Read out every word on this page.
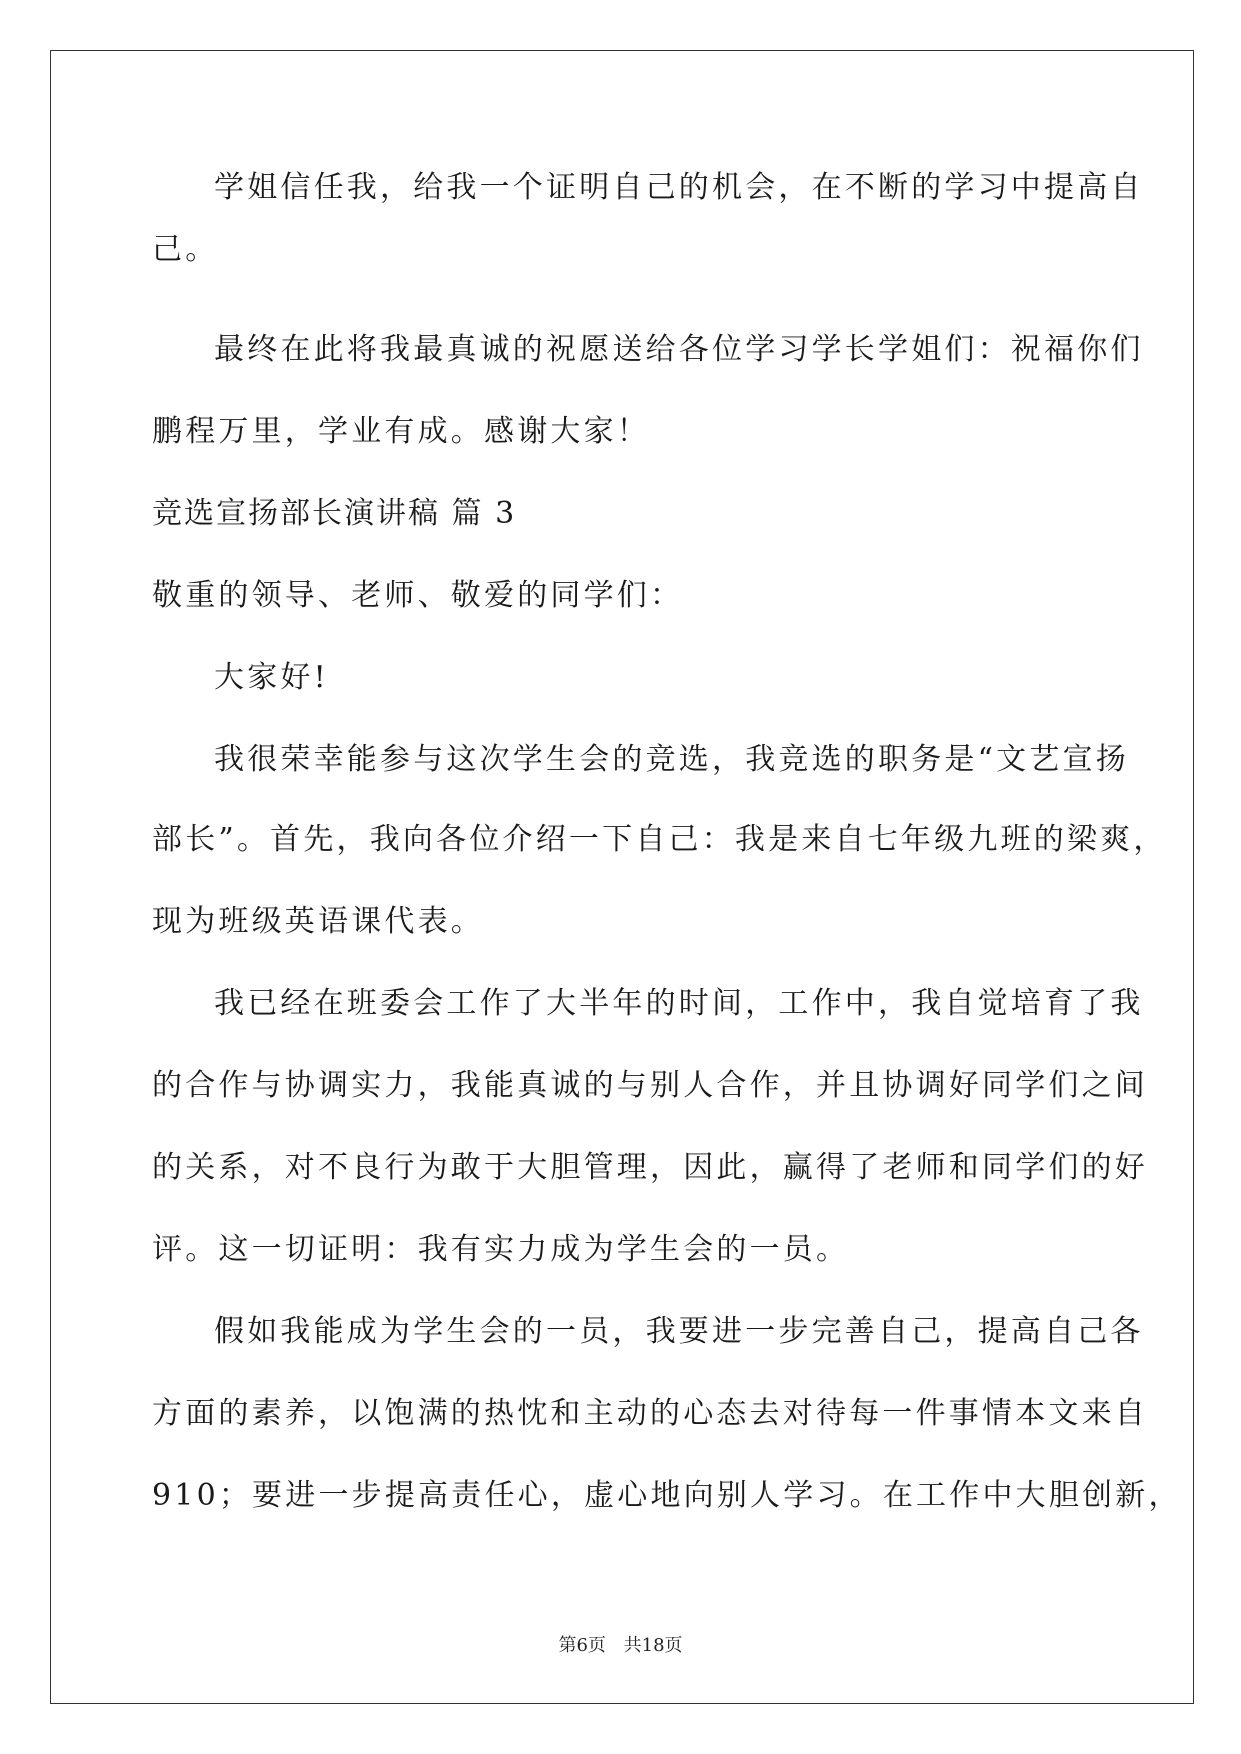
学姐信任我，给我一个证明自己的机会，在不断的学习中提高自
己。
最终在此将我最真诚的祝愿送给各位学习学长学姐们：祝福你们
鹏程万里，学业有成。感谢大家！
竞选宣扬部长演讲稿 篇 3
敬重的领导、老师、敬爱的同学们：
大家好!
我很荣幸能参与这次学生会的竞选，我竞选的职务是“文艺宣扬
部长”。首先，我向各位介绍一下自己：我是来自七年级九班的梁爽，
现为班级英语课代表。
我已经在班委会工作了大半年的时间，工作中，我自觉培育了我
的合作与协调实力，我能真诚的与别人合作，并且协调好同学们之间
的关系，对不良行为敢于大胆管理，因此，赢得了老师和同学们的好
评。这一切证明：我有实力成为学生会的一员。
假如我能成为学生会的一员，我要进一步完善自己，提高自己各
方面的素养，以饱满的热忱和主动的心态去对待每一件事情本文来自
910；要进一步提高责任心，虚心地向别人学习。在工作中大胆创新，
第6页 共18页
